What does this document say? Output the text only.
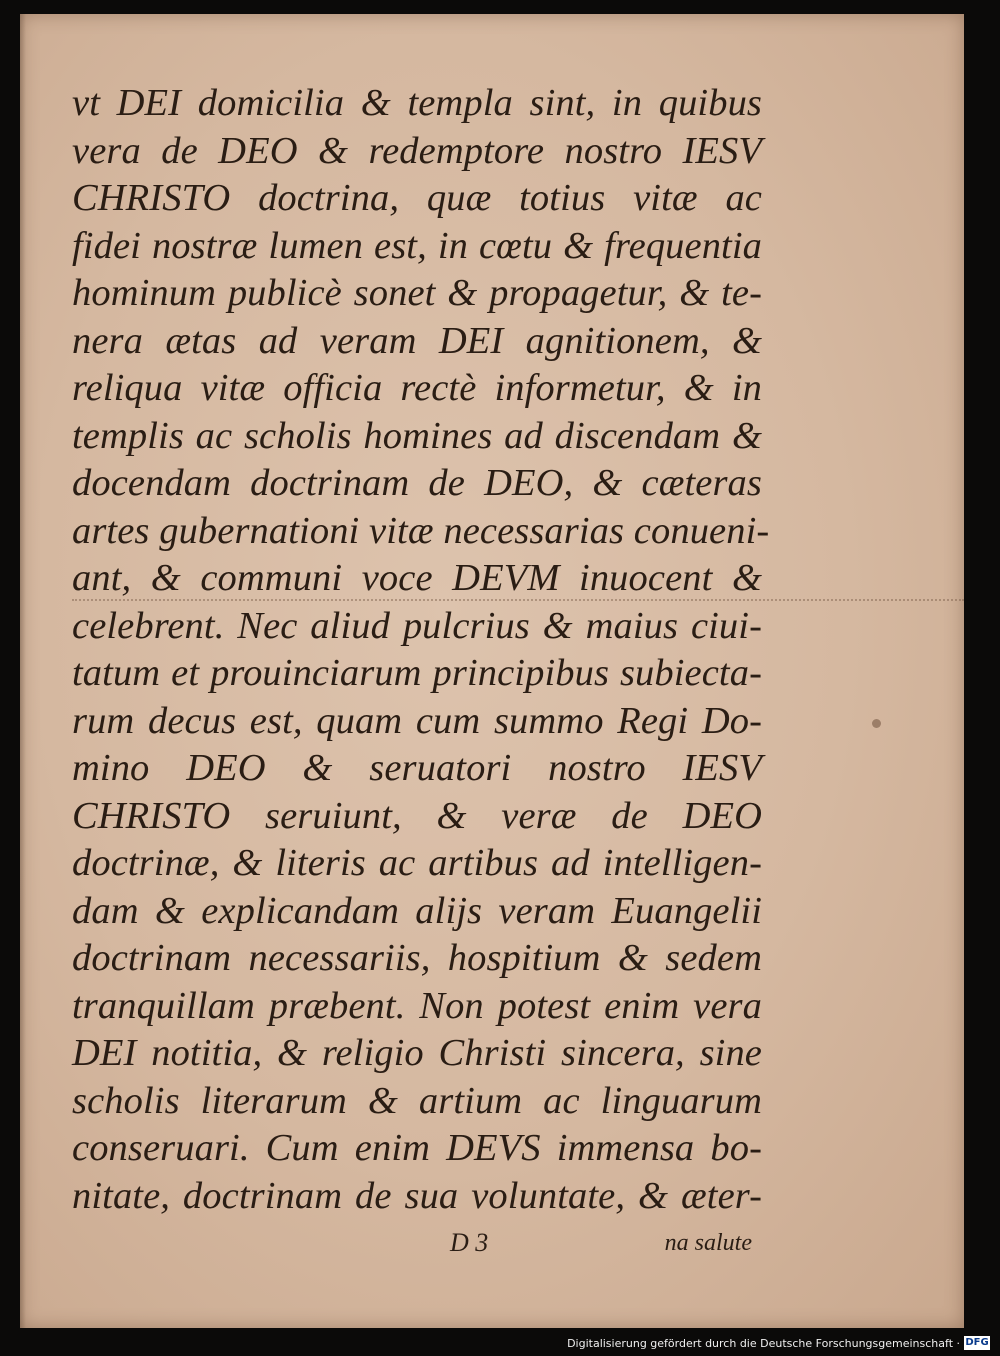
vt DEI domicilia & templa sint, in quibus
vera de DEO & redemptore nostro IESV
CHRISTO doctrina, quæ totius vitæ ac
fidei nostræ lumen est, in cœtu & frequentia
hominum publicè sonet & propagetur, & te-
nera ætas ad veram DEI agnitionem, &
reliqua vitæ officia rectè informetur, & in
templis ac scholis homines ad discendam &
docendam doctrinam de DEO, & cæteras
artes gubernationi vitæ necessarias conueni-
ant, & communi voce DEVM inuocent &
celebrent. Nec aliud pulcrius & maius ciui-
tatum et prouinciarum principibus subiecta-
rum decus est, quam cum summo Regi Do-
mino DEO & seruatori nostro IESV
CHRISTO seruiunt, & veræ de DEO
doctrinæ, & literis ac artibus ad intelligen-
dam & explicandam alijs veram Euangelii
doctrinam necessariis, hospitium & sedem
tranquillam præbent. Non potest enim vera
DEI notitia, & religio Christi sincera, sine
scholis literarum & artium ac linguarum
conseruari. Cum enim DEVS immensa bo-
nitate, doctrinam de sua voluntate, & æter-
D 3	na salute
Digitalisierung gefördert durch die Deutsche Forschungsgemeinschaft · DFG
